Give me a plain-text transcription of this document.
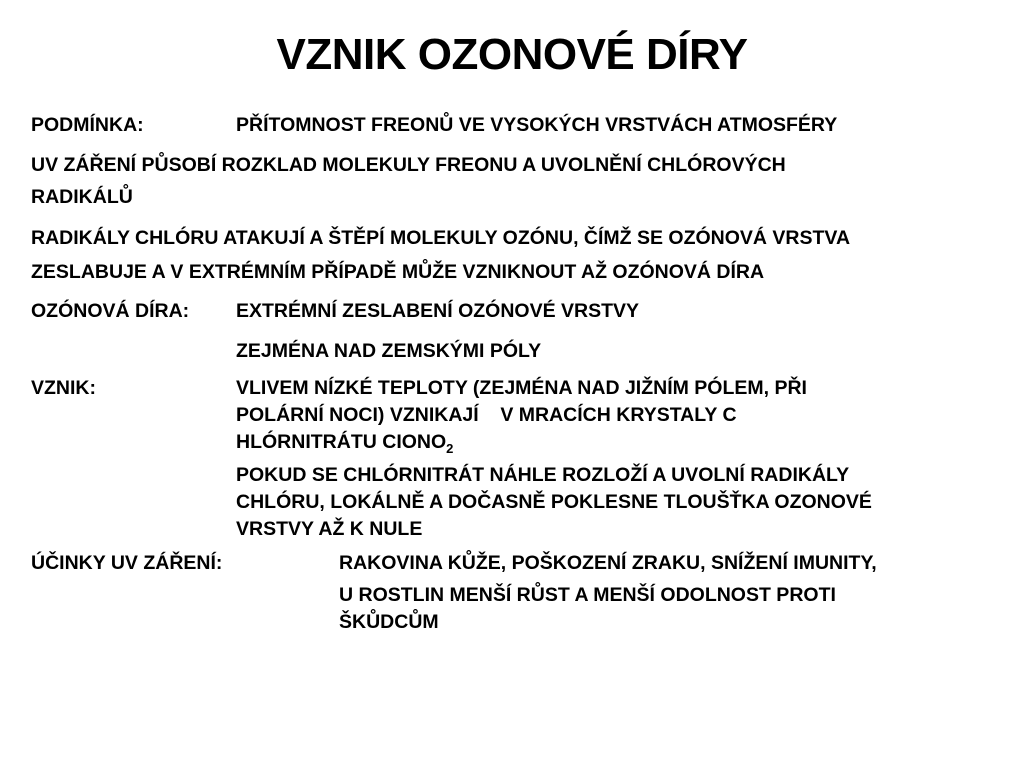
VZNIK OZONOVÉ DÍRY
PODMÍNKA:	PŘÍTOMNOST FREONŮ VE VYSOKÝCH VRSTVÁCH ATMOSFÉRY
UV ZÁŘENÍ PŮSOBÍ ROZKLAD MOLEKULY FREONU A UVOLNĚNÍ CHLÓROVÝCH
RADIKÁLŮ
RADIKÁLY CHLÓRU ATAKUJÍ A ŠTĚPÍ MOLEKULY OZÓNU, ČÍMŽ SE OZÓNOVÁ VRSTVA
ZESLABUJE A V EXTRÉMNÍM PŘÍPADĚ MŮŽE VZNIKNOUT AŽ OZÓNOVÁ DÍRA
OZÓNOVÁ DÍRA: EXTRÉMNÍ ZESLABENÍ OZÓNOVÉ VRSTVY
ZEJMÉNA NAD ZEMSKÝMI PÓLY
VZNIK:	VLIVEM NÍZKÉ TEPLOTY (ZEJMÉNA NAD JIŽNÍM PÓLEM, PŘI
POLÁRNÍ NOCI) VZNIKAJÍ    V MRACÍCH KRYSTALY C
HLÓRNITRÁTU $CIONO_2$
POKUD SE CHLÓRNITRÁT NÁHLE ROZLOŽÍ A UVOLNÍ RADIKÁLY
CHLÓRU, LOKÁLNĚ A DOČASNĚ POKLESNE TLOUŠŤKA OZONOVÉ
VRSTVY AŽ K NULE
ÚČINKY UV ZÁŘENÍ:	RAKOVINA KŮŽE, POŠKOZENÍ ZRAKU, SNÍŽENÍ IMUNITY,
U ROSTLIN MENŠÍ RŮST A MENŠÍ ODOLNOST PROTI
ŠKŮDCŮM
